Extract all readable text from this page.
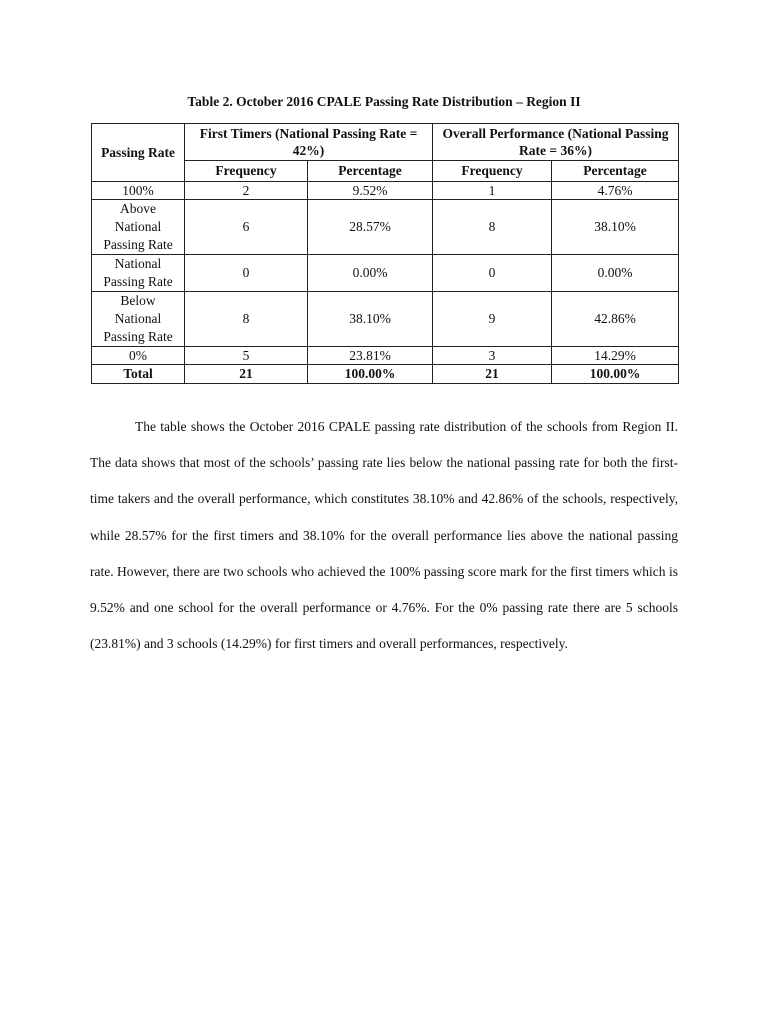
Table 2. October 2016 CPALE Passing Rate Distribution – Region II
Passing Rate	First Timers (National Passing Rate = 42%)		Overall Performance (National Passing Rate = 36%)	
	Frequency	Percentage	Frequency	Percentage
100%	2	9.52%	1	4.76%
Above National Passing Rate	6	28.57%	8	38.10%
National Passing Rate	0	0.00%	0	0.00%
Below National Passing Rate	8	38.10%	9	42.86%
0%	5	23.81%	3	14.29%
Total	21	100.00%	21	100.00%

The table shows the October 2016 CPALE passing rate distribution of the schools from Region II. The data shows that most of the schools’ passing rate lies below the national passing rate for both the first-time takers and the overall performance, which constitutes 38.10% and 42.86% of the schools, respectively, while 28.57% for the first timers and 38.10% for the overall performance lies above the national passing rate. However, there are two schools who achieved the 100% passing score mark for the first timers which is 9.52% and one school for the overall performance or 4.76%. For the 0% passing rate there are 5 schools (23.81%) and 3 schools (14.29%) for first timers and overall performances, respectively.
